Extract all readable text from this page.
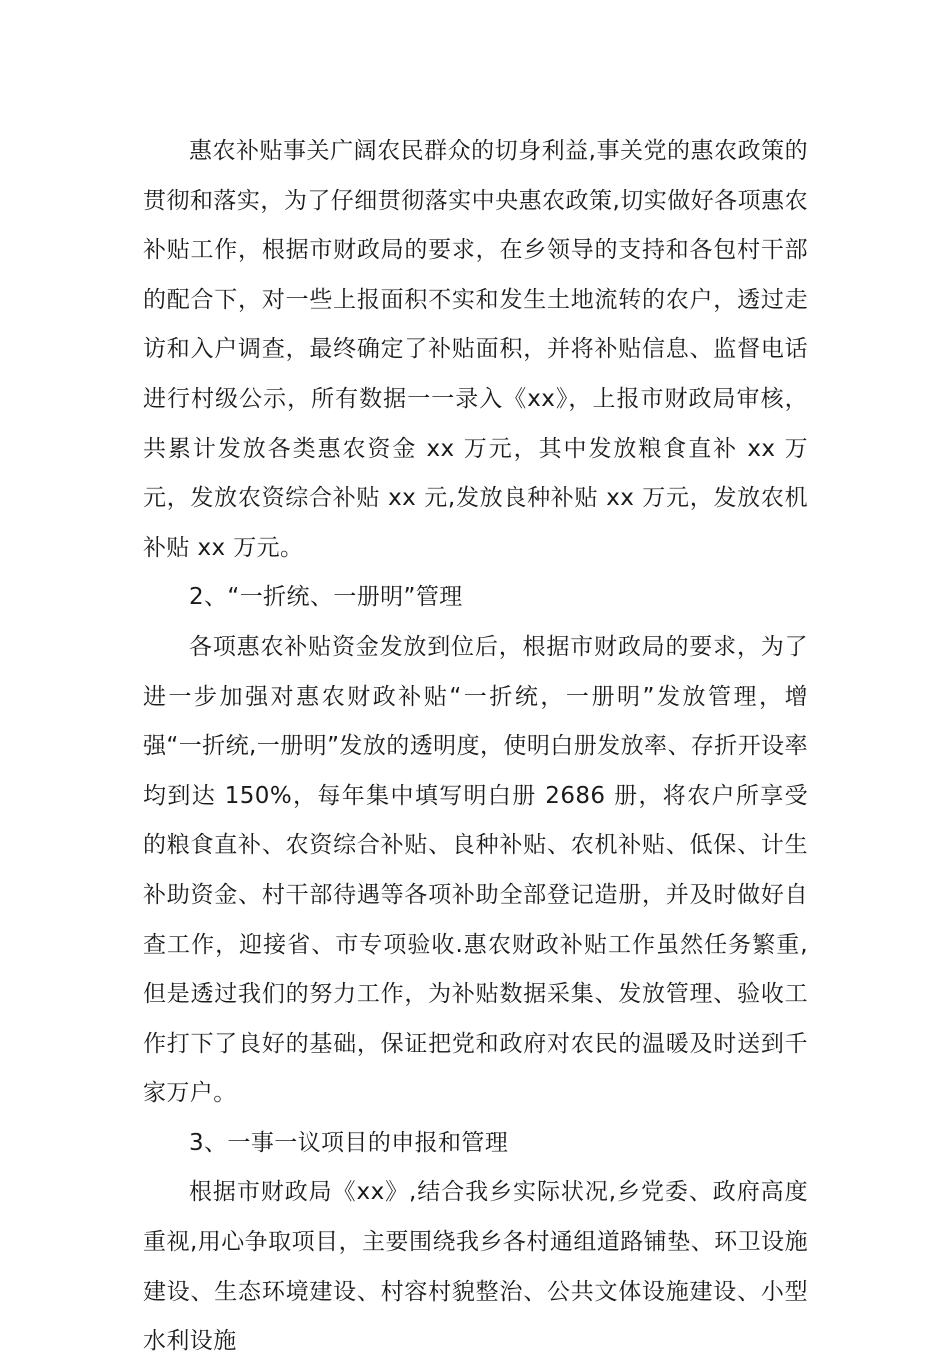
惠农补贴事关广阔农民群众的切身利益,事关党的惠农政策的贯彻和落实，为了仔细贯彻落实中央惠农政策,切实做好各项惠农补贴工作，根据市财政局的要求，在乡领导的支持和各包村干部的配合下，对一些上报面积不实和发生土地流转的农户，透过走访和入户调查，最终确定了补贴面积，并将补贴信息、监督电话进行村级公示，所有数据一一录入《xx》，上报市财政局审核，共累计发放各类惠农资金 xx 万元，其中发放粮食直补 xx 万元，发放农资综合补贴 xx 元,发放良种补贴 xx 万元，发放农机补贴 xx 万元。

2、“一折统、一册明”管理

各项惠农补贴资金发放到位后，根据市财政局的要求，为了进一步加强对惠农财政补贴“一折统，一册明”发放管理，增强“一折统,一册明”发放的透明度，使明白册发放率、存折开设率均到达 150%，每年集中填写明白册 2686 册，将农户所享受的粮食直补、农资综合补贴、良种补贴、农机补贴、低保、计生补助资金、村干部待遇等各项补助全部登记造册，并及时做好自查工作，迎接省、市专项验收.惠农财政补贴工作虽然任务繁重,但是透过我们的努力工作，为补贴数据采集、发放管理、验收工作打下了良好的基础，保证把党和政府对农民的温暖及时送到千家万户。

3、一事一议项目的申报和管理

根据市财政局《xx》,结合我乡实际状况,乡党委、政府高度重视,用心争取项目，主要围绕我乡各村通组道路铺垫、环卫设施建设、生态环境建设、村容村貌整治、公共文体设施建设、小型水利设施
